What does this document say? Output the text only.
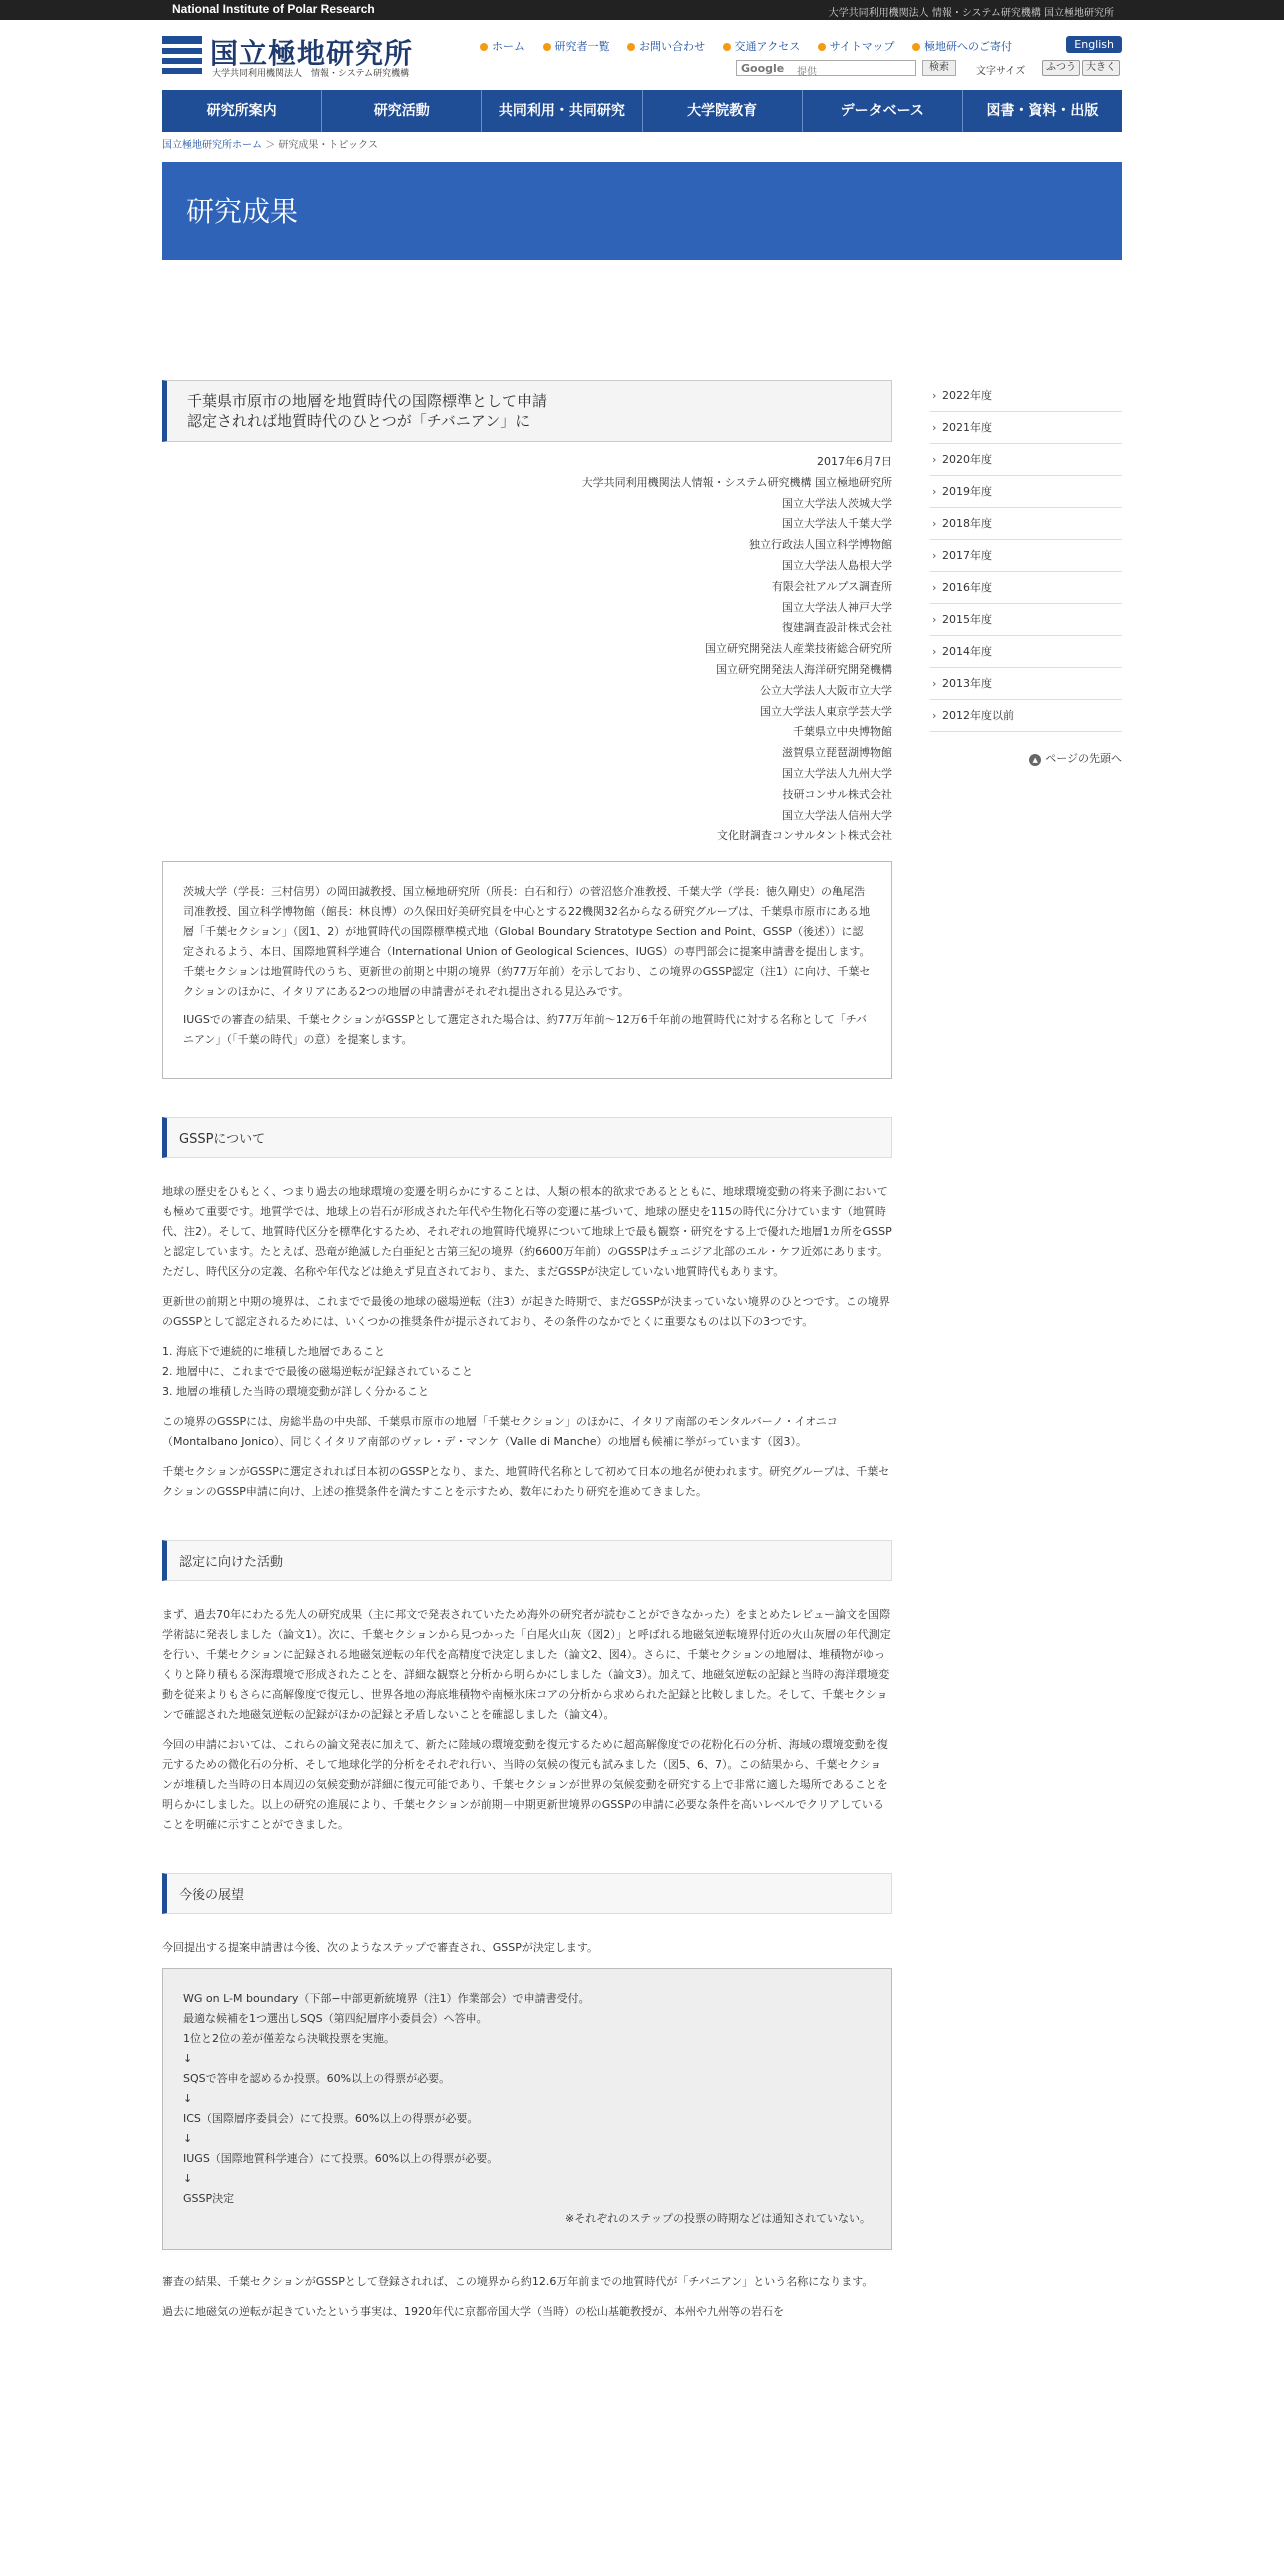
National Institute of Polar Research	大学共同利用機関法人 情報・システム研究機構 国立極地研究所
国立極地研究所
大学共同利用機関法人　情報・システム研究機構
ホーム	研究者一覧	お問い合わせ	交通アクセス	サイトマップ	極地研へのご寄付	English
Google 提供	検索	文字サイズ	ふつう	大きく
研究所案内	研究活動	共同利用・共同研究	大学院教育	データベース	図書・資料・出版
国立極地研究所ホーム ＞ 研究成果・トピックス
研究成果
千葉県市原市の地層を地質時代の国際標準として申請
認定されれば地質時代のひとつが「チバニアン」に
2017年6月7日
大学共同利用機関法人情報・システム研究機構 国立極地研究所
国立大学法人茨城大学
国立大学法人千葉大学
独立行政法人国立科学博物館
国立大学法人島根大学
有限会社アルプス調査所
国立大学法人神戸大学
復建調査設計株式会社
国立研究開発法人産業技術総合研究所
国立研究開発法人海洋研究開発機構
公立大学法人大阪市立大学
国立大学法人東京学芸大学
千葉県立中央博物館
滋賀県立琵琶湖博物館
国立大学法人九州大学
技研コンサル株式会社
国立大学法人信州大学
文化財調査コンサルタント株式会社

茨城大学（学長：三村信男）の岡田誠教授、国立極地研究所（所長：白石和行）の菅沼悠介准教授、千葉大学（学長：徳久剛史）の亀尾浩司准教授、国立科学博物館（館長：林良博）の久保田好美研究員を中心とする22機関32名からなる研究グループは、千葉県市原市にある地層「千葉セクション」（図1、2）が地質時代の国際標準模式地（Global Boundary Stratotype Section and Point、GSSP（後述））に認定されるよう、本日、国際地質科学連合（International Union of Geological Sciences、IUGS）の専門部会に提案申請書を提出します。千葉セクションは地質時代のうち、更新世の前期と中期の境界（約77万年前）を示しており、この境界のGSSP認定（注1）に向け、千葉セクションのほかに、イタリアにある2つの地層の申請書がそれぞれ提出される見込みです。

IUGSでの審査の結果、千葉セクションがGSSPとして選定された場合は、約77万年前～12万6千年前の地質時代に対する名称として「チバニアン」（「千葉の時代」の意）を提案します。

GSSPについて

地球の歴史をひもとく、つまり過去の地球環境の変遷を明らかにすることは、人類の根本的欲求であるとともに、地球環境変動の将来予測においても極めて重要です。地質学では、地球上の岩石が形成された年代や生物化石等の変遷に基づいて、地球の歴史を115の時代に分けています（地質時代、注2）。そして、地質時代区分を標準化するため、それぞれの地質時代境界について地球上で最も観察・研究をする上で優れた地層1カ所をGSSPと認定しています。たとえば、恐竜が絶滅した白亜紀と古第三紀の境界（約6600万年前）のGSSPはチュニジア北部のエル・ケフ近郊にあります。ただし、時代区分の定義、名称や年代などは絶えず見直されており、また、まだGSSPが決定していない地質時代もあります。

更新世の前期と中期の境界は、これまでで最後の地球の磁場逆転（注3）が起きた時期で、まだGSSPが決まっていない境界のひとつです。この境界のGSSPとして認定されるためには、いくつかの推奨条件が提示されており、その条件のなかでとくに重要なものは以下の3つです。

1. 海底下で連続的に堆積した地層であること
2. 地層中に、これまでで最後の磁場逆転が記録されていること
3. 地層の堆積した当時の環境変動が詳しく分かること

この境界のGSSPには、房総半島の中央部、千葉県市原市の地層「千葉セクション」のほかに、イタリア南部のモンタルバーノ・イオニコ（Montalbano Jonico）、同じくイタリア南部のヴァレ・デ・マンケ（Valle di Manche）の地層も候補に挙がっています（図3）。

千葉セクションがGSSPに選定されれば日本初のGSSPとなり、また、地質時代名称として初めて日本の地名が使われます。研究グループは、千葉セクションのGSSP申請に向け、上述の推奨条件を満たすことを示すため、数年にわたり研究を進めてきました。

認定に向けた活動

まず、過去70年にわたる先人の研究成果（主に邦文で発表されていたため海外の研究者が読むことができなかった）をまとめたレビュー論文を国際学術誌に発表しました（論文1）。次に、千葉セクションから見つかった「白尾火山灰（図2）」と呼ばれる地磁気逆転境界付近の火山灰層の年代測定を行い、千葉セクションに記録される地磁気逆転の年代を高精度で決定しました（論文2、図4）。さらに、千葉セクションの地層は、堆積物がゆっくりと降り積もる深海環境で形成されたことを、詳細な観察と分析から明らかにしました（論文3）。加えて、地磁気逆転の記録と当時の海洋環境変動を従来よりもさらに高解像度で復元し、世界各地の海底堆積物や南極氷床コアの分析から求められた記録と比較しました。そして、千葉セクションで確認された地磁気逆転の記録がほかの記録と矛盾しないことを確認しました（論文4）。

今回の申請においては、これらの論文発表に加えて、新たに陸域の環境変動を復元するために超高解像度での花粉化石の分析、海域の環境変動を復元するための微化石の分析、そして地球化学的分析をそれぞれ行い、当時の気候の復元も試みました（図5、6、7）。この結果から、千葉セクションが堆積した当時の日本周辺の気候変動が詳細に復元可能であり、千葉セクションが世界の気候変動を研究する上で非常に適した場所であることを明らかにしました。以上の研究の進展により、千葉セクションが前期－中期更新世境界のGSSPの申請に必要な条件を高いレベルでクリアしていることを明確に示すことができました。

今後の展望

今回提出する提案申請書は今後、次のようなステップで審査され、GSSPが決定します。

WG on L-M boundary（下部−中部更新統境界（注1）作業部会）で申請書受付。
最適な候補を1つ選出しSQS（第四紀層序小委員会）へ答申。
1位と2位の差が僅差なら決戦投票を実施。
↓
SQSで答申を認めるか投票。60%以上の得票が必要。
↓
ICS（国際層序委員会）にて投票。60%以上の得票が必要。
↓
IUGS（国際地質科学連合）にて投票。60%以上の得票が必要。
↓
GSSP決定
※それぞれのステップの投票の時期などは通知されていない。

審査の結果、千葉セクションがGSSPとして登録されれば、この境界から約12.6万年前までの地質時代が「チバニアン」という名称になります。

過去に地磁気の逆転が起きていたという事実は、1920年代に京都帝国大学（当時）の松山基範教授が、本州や九州等の岩石を

› 2022年度
› 2021年度
› 2020年度
› 2019年度
› 2018年度
› 2017年度
› 2016年度
› 2015年度
› 2014年度
› 2013年度
› 2012年度以前
▲ ページの先頭へ
